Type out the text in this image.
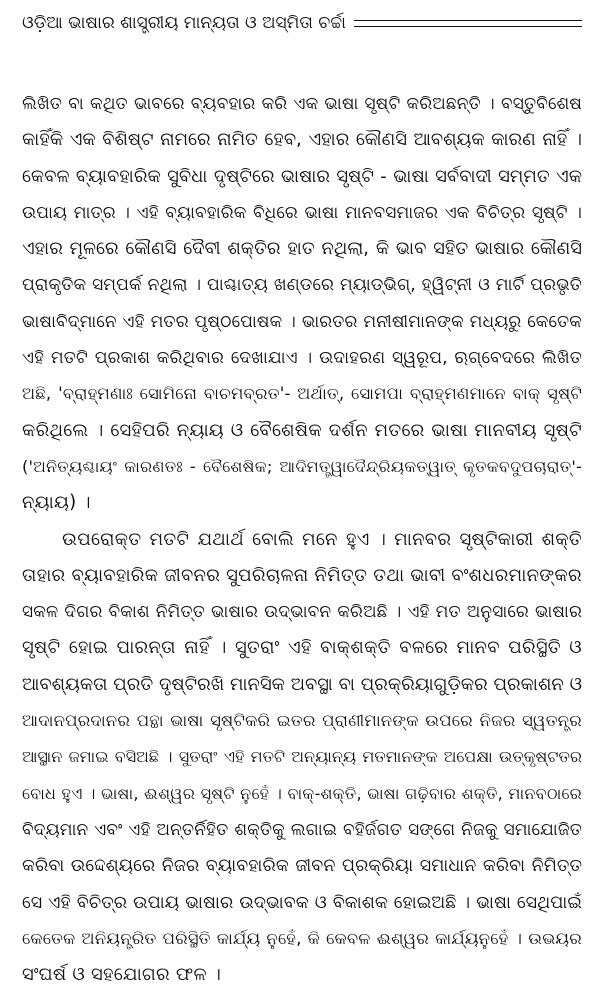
ଓଡ଼ିଆ ଭାଷାର ଶାସ୍ତ୍ରୀୟ ମାନ୍ୟତା ଓ ଅସ୍ମିତା ଚର୍ଚ୍ଚା
ଲିଖିତ ବା କଥିତ ଭାବରେ ବ୍ୟବହାର କରି ଏକ ଭାଷା ସୃଷ୍ଟି କରିଅଛନ୍ତି । ବସ୍ତୁବିଶେଷ
କାହିଁକି ଏକ ବିଶିଷ୍ଟ ନାମରେ ନାମିତ ହେବ, ଏହାର କୌଣସି ଆବଶ୍ୟକ କାରଣ ନାହିଁ ।
କେବଳ ବ୍ୟାବହାରିକ ସୁବିଧା ଦୃଷ୍ଟିରେ ଭାଷାର ସୃଷ୍ଟି - ଭାଷା ସର୍ବବାଦୀ ସମ୍ମତ ଏକ
ଉପାୟ ମାତ୍ର । ଏହି ବ୍ୟାବହାରିକ ବିଧିରେ ଭାଷା ମାନବସମାଜର ଏକ ବିଚିତ୍ର ସୃଷ୍ଟି ।
ଏହାର ମୂଳରେ କୌଣସି ଦୈବୀ ଶକ୍ତିର ହାତ ନଥିଲା, କି ଭାବ ସହିତ ଭାଷାର କୌଣସି
ପ୍ରାକୃତିକ ସମ୍ପର୍କ ନଥିଲା । ପାଶ୍ଚାତ୍ୟ ଖଣ୍ଡରେ ମ୍ୟାଡ୍‌ଭିଗ୍, ହ୍ୱିଟ୍‌ନୀ ଓ ମାର୍ଟି ପ୍ରଭୃତି
ଭାଷାବିଦ୍‌ମାନେ ଏହି ମତର ପୃଷ୍ଠପୋଷକ । ଭାରତର ମନୀଷୀମାନଙ୍କ ମଧ୍ୟରୁ କେତେକ
ଏହି ମତଟି ପ୍ରକାଶ କରିଥିବାର ଦେଖାଯାଏ । ଉଦାହରଣ ସ୍ୱରୂପ, ଋଗ୍‌ବେଦରେ ଲିଖିତ
ଅଛି, 'ବ୍ରାହ୍ମଣାଃ ସୋମିନୋ ବାଚମବ୍ରତ'- ଅର୍ଥାତ୍, ସୋମପା ବ୍ରାହ୍ମଣମାନେ ବାକ୍ ସୃଷ୍ଟି
କରିଥିଲେ । ସେହିପରି ନ୍ୟାୟ ଓ ବୈଶେଷିକ ଦର୍ଶନ ମତରେ ଭାଷା ମାନବୀୟ ସୃଷ୍ଟି
('ଅନିତ୍ୟଶ୍ଚାୟଂ କାରଣତଃ - ବୈଶେଷିକ; ଆଦିମତ୍ତ୍ୱାଦୈନ୍ଦ୍ରିୟକତ୍ୱାତ୍ କୃତକବଦୁପଚାରାତ୍'-
ନ୍ୟାୟ) ।
ଉପରୋକ୍ତ ମତଟି ଯଥାର୍ଥ ବୋଲି ମନେ ହୁଏ । ମାନବର ସୃଷ୍ଟିକାରୀ ଶକ୍ତି
ତାହାର ବ୍ୟାବହାରିକ ଜୀବନର ସୁପରିଚାଳନା ନିମିତ୍ତ ତଥା ଭାବୀ ବଂଶଧରମାନଙ୍କର
ସକଳ ଦିଗର ବିକାଶ ନିମିତ୍ତ ଭାଷାର ଉଦ୍ଭାବନ କରିଅଛି । ଏହି ମତ ଅନୁସାରେ ଭାଷାର
ସୃଷ୍ଟି ହୋଇ ପାରନ୍ତା ନାହିଁ । ସୁତରାଂ ଏହି ବାକ୍‌ଶକ୍ତି ବଳରେ ମାନବ ପରିସ୍ଥିତି ଓ
ଆବଶ୍ୟକତା ପ୍ରତି ଦୃଷ୍ଟିରଖି ମାନସିକ ଅବସ୍ଥା ବା ପ୍ରକ୍ରିୟାଗୁଡ଼ିକର ପ୍ରକାଶନ ଓ
ଆଦାନପ୍ରଦାନର ପନ୍ଥା ଭାଷା ସୃଷ୍ଟିକରି ଇତର ପ୍ରାଣୀମାନଙ୍କ ଉପରେ ନିଜର ସ୍ୱତନ୍ତ୍ର
ଆସ୍ଥାନ ଜମାଇ ବସିଅଛି । ସୁତରାଂ ଏହି ମତଟି ଅନ୍ୟାନ୍ୟ ମତମାନଙ୍କ ଅପେକ୍ଷା ଉତ୍କୃଷ୍ଟତର
ବୋଧ ହୁଏ । ଭାଷା, ଈଶ୍ୱର ସୃଷ୍ଟି ନୁହେଁ । ବାକ୍-ଶକ୍ତି, ଭାଷା ଗଢ଼ିବାର ଶକ୍ତି, ମାନବଠାରେ
ବିଦ୍ୟମାନ ଏବଂ ଏହି ଅନ୍ତର୍ନିହିତ ଶକ୍ତିକୁ ଲଗାଇ ବହିର୍ଜଗତ ସଙ୍ଗେ ନିଜକୁ ସମାଯୋଜିତ
କରିବା ଉଦ୍ଦେଶ୍ୟରେ ନିଜର ବ୍ୟାବହାରିକ ଜୀବନ ପ୍ରକ୍ରିୟା ସମାଧାନ କରିବା ନିମିତ୍ତ
ସେ ଏହି ବିଚିତ୍ର ଉପାୟ ଭାଷାର ଉଦ୍ଭାବକ ଓ ବିକାଶକ ହୋଇଅଛି । ଭାଷା ସେଥିପାଇଁ
କେତେକ ଅନିୟନ୍ତ୍ରିତ ପରିସ୍ଥିତି କାର୍ଯ୍ୟ ନୁହେଁ, କି କେବଳ ଈଶ୍ୱର କାର୍ଯ୍ୟନୁହେଁ । ଉଭୟର
ସଂଘର୍ଷ ଓ ସହଯୋଗର ଫଳ ।
